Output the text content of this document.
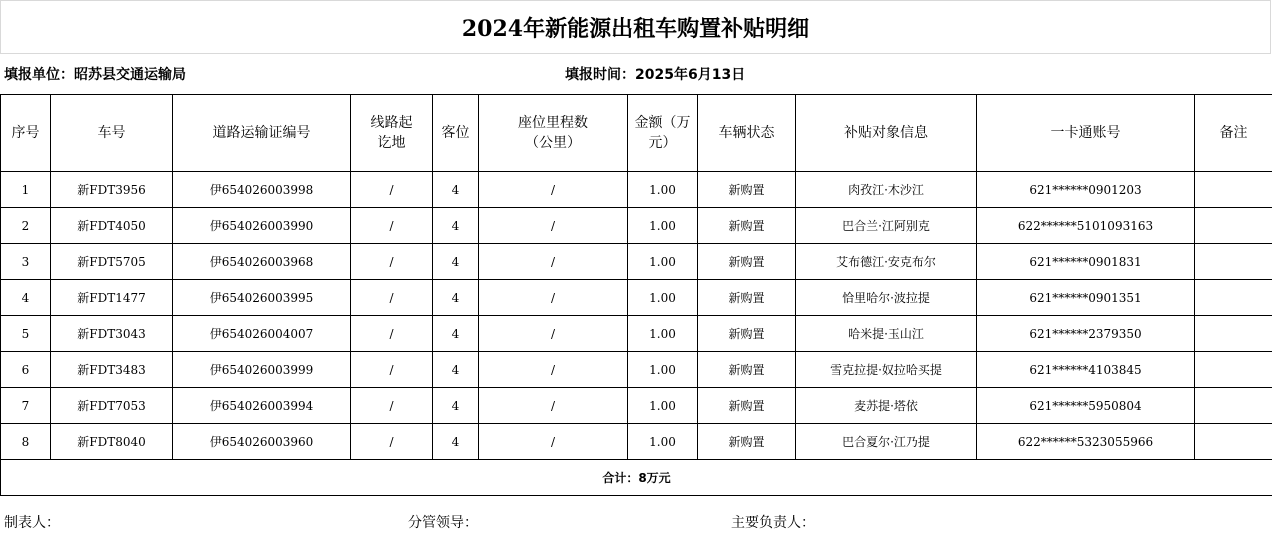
2024年新能源出租车购置补贴明细
填报单位：昭苏县交通运输局	填报时间：2025年6月13日
序号	车号	道路运输证编号	线路起讫地	客位	座位里程数（公里）	金额（万元）	车辆状态	补贴对象信息	一卡通账号	备注
1	新FDT3956	伊654026003998	/	4	/	1.00	新购置	肉孜江·木沙江	621******0901203	
2	新FDT4050	伊654026003990	/	4	/	1.00	新购置	巴合兰·江阿别克	622******5101093163	
3	新FDT5705	伊654026003968	/	4	/	1.00	新购置	艾布德江·安克布尔	621******0901831	
4	新FDT1477	伊654026003995	/	4	/	1.00	新购置	恰里哈尔·波拉提	621******0901351	
5	新FDT3043	伊654026004007	/	4	/	1.00	新购置	哈米提·玉山江	621******2379350	
6	新FDT3483	伊654026003999	/	4	/	1.00	新购置	雪克拉提·奴拉哈买提	621******4103845	
7	新FDT7053	伊654026003994	/	4	/	1.00	新购置	麦苏提·塔依	621******5950804	
8	新FDT8040	伊654026003960	/	4	/	1.00	新购置	巴合夏尔·江乃提	622******5323055966	
合计：8万元										
制表人：	分管领导：	主要负责人：
